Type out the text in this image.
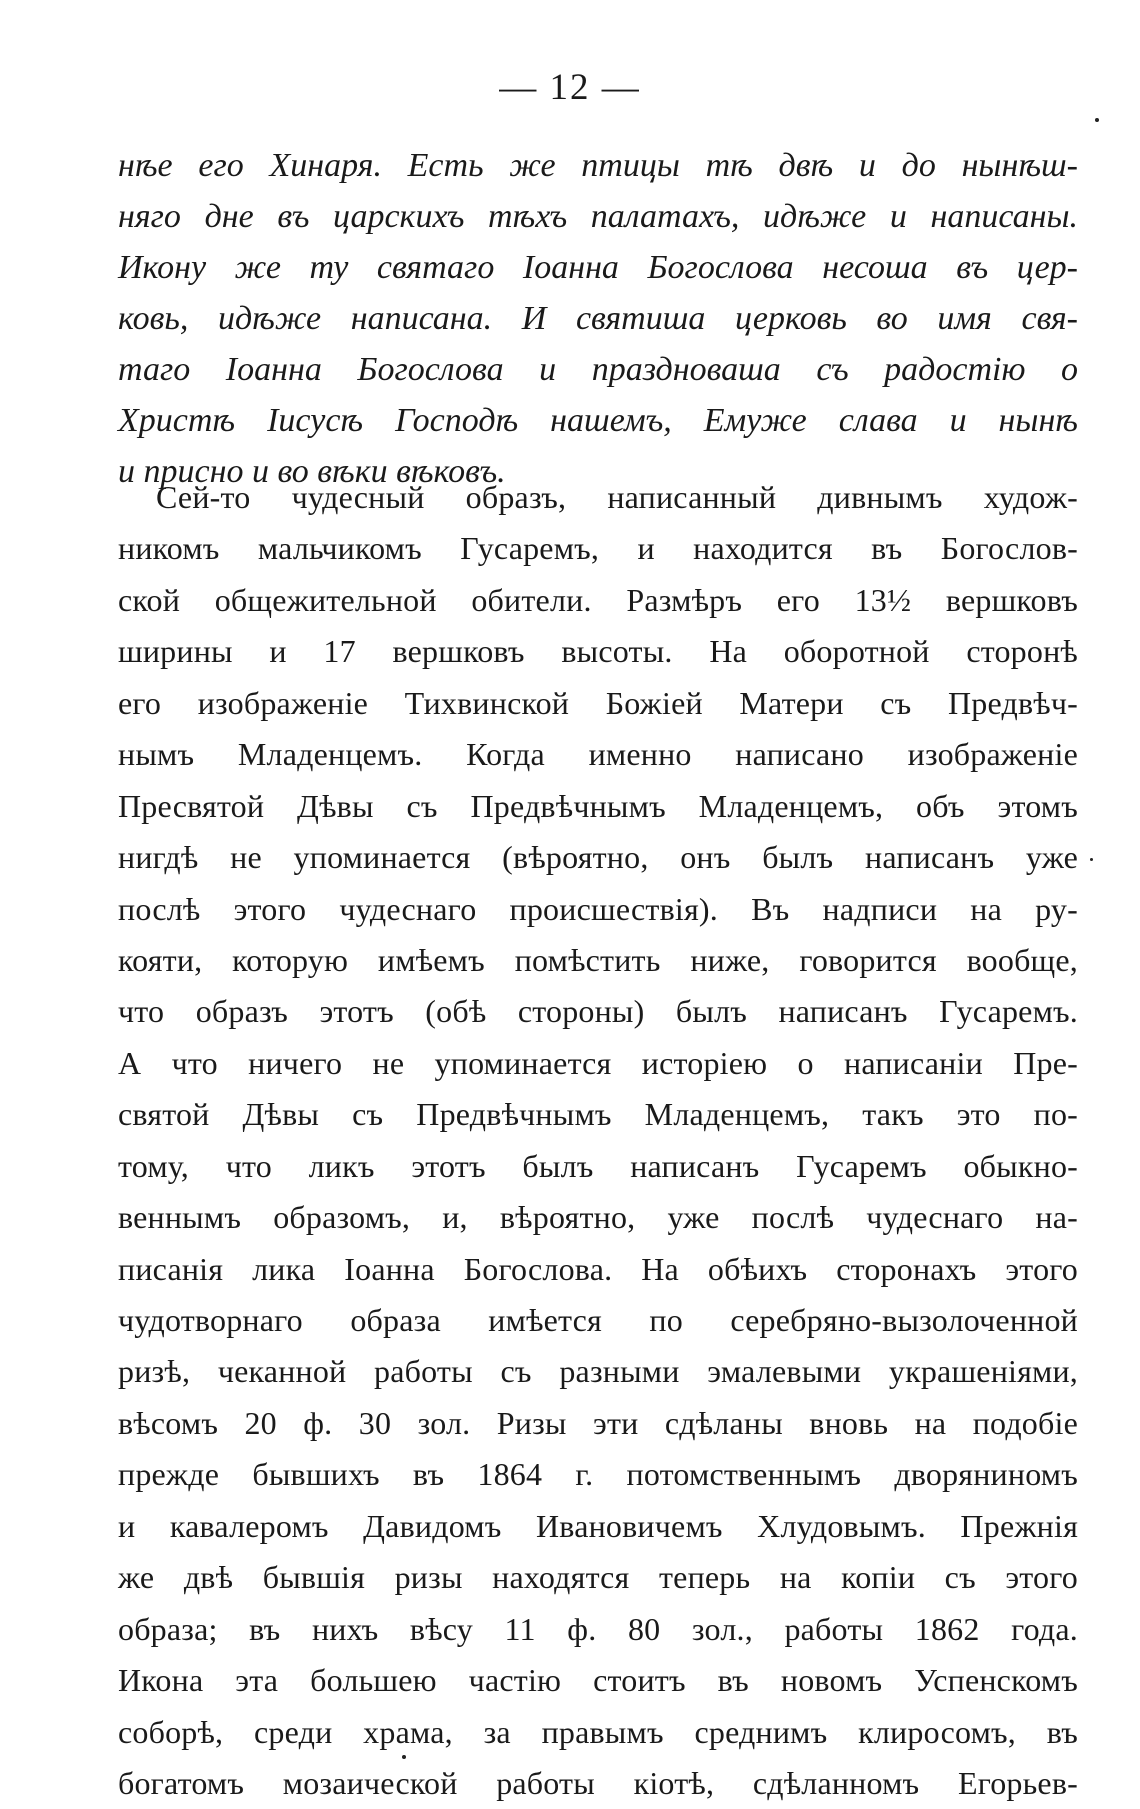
— 12 —
нѣе его Хинаря. Есть же птицы тѣ двѣ и до нынѣш-
няго дне въ царскихъ тѣхъ палатахъ, идѣже и написаны.
Икону же ту святаго Іоанна Богослова несоша въ цер-
ковь, идѣже написана. И святиша церковь во имя свя-
таго Іоанна Богослова и празднoваша съ радостію о
Христѣ Іисусѣ Господѣ нашемъ, Емуже слава и нынѣ
и присно и во вѣки вѣковъ.
Сей-то чудесный образъ, написанный дивнымъ худож-
никомъ мальчикомъ Гусаремъ, и находится въ Богослов-
ской общежительной обители. Размѣръ его 13½ вершковъ
ширины и 17 вершковъ высоты. На оборотной сторонѣ
его изображеніе Тихвинской Божіей Матери съ Предвѣч-
нымъ Младенцемъ. Когда именно написано изображеніе
Пресвятой Дѣвы съ Предвѣчнымъ Младенцемъ, объ этомъ
нигдѣ не упоминается (вѣроятно, онъ былъ написанъ уже
послѣ этого чудеснаго происшествія). Въ надписи на ру-
кояти, которую имѣемъ помѣстить ниже, говорится вообще,
что образъ этотъ (обѣ стороны) былъ написанъ Гусаремъ.
А что ничего не упоминается исторіею о написаніи Пре-
святой Дѣвы съ Предвѣчнымъ Младенцемъ, такъ это по-
тому, что ликъ этотъ былъ написанъ Гусаремъ обыкно-
веннымъ образомъ, и, вѣроятно, уже послѣ чудеснаго на-
писанія лика Іоанна Богослова. На обѣихъ сторонахъ этого
чудотворнаго образа имѣется по серебряно-вызолоченной
ризѣ, чеканной работы съ разными эмалевыми украшеніями,
вѣсомъ 20 ф. 30 зол. Ризы эти сдѣланы вновь на подобіе
прежде бывшихъ въ 1864 г. потомственнымъ дворяниномъ
и кавалеромъ Давидомъ Ивановичемъ Хлудовымъ. Прежнія
же двѣ бывшія ризы находятся теперь на копіи съ этого
образа; въ нихъ вѣсу 11 ф. 80 зол., работы 1862 года.
Икона эта большею частію стоитъ въ новомъ Успенскомъ
соборѣ, среди храма, за правымъ среднимъ клиросомъ, въ
богатомъ мозаической работы кіотѣ, сдѣланномъ Егорьев-
